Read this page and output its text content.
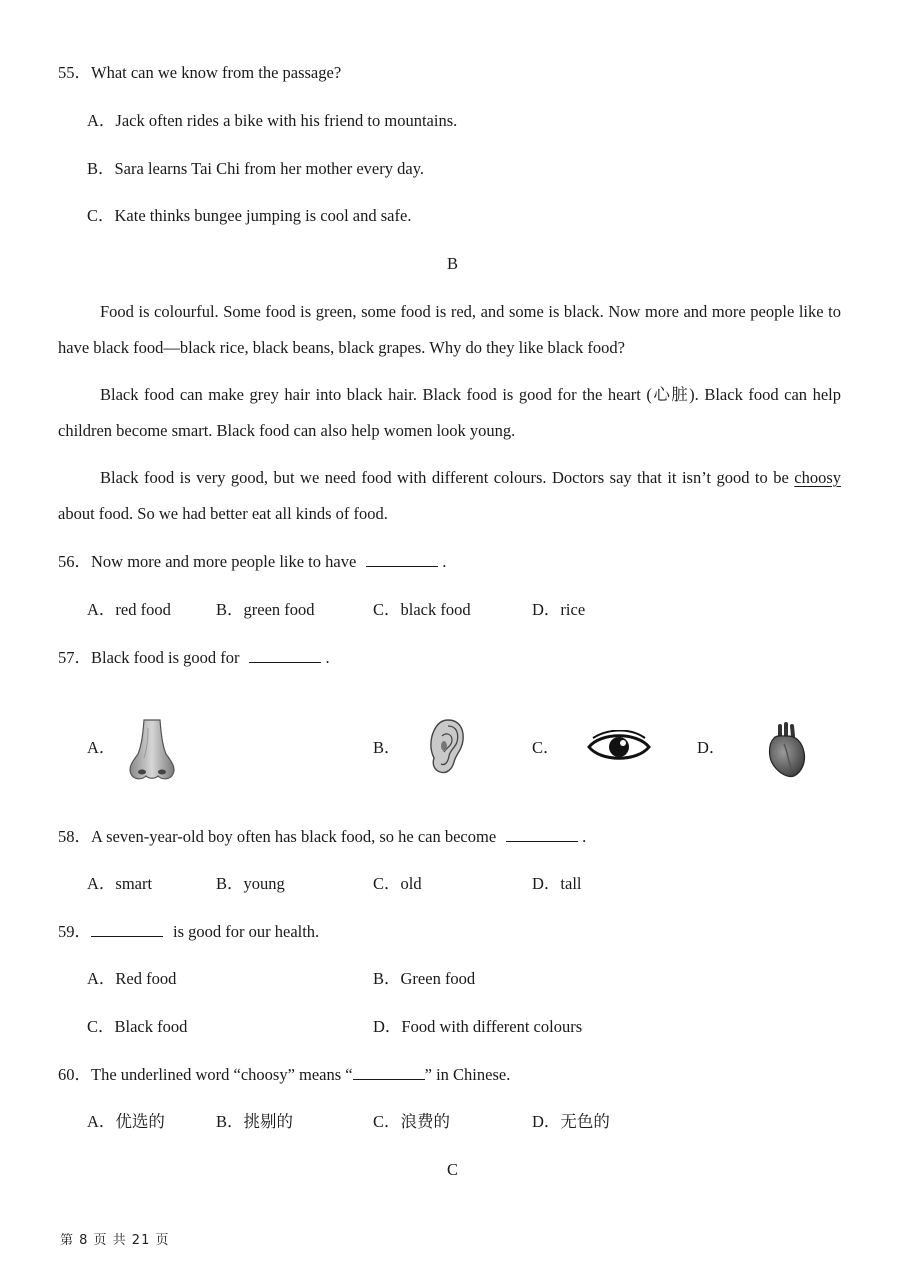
55．What can we know from the passage?
A．Jack often rides a bike with his friend to mountains.
B．Sara learns Tai Chi from her mother every day.
C．Kate thinks bungee jumping is cool and safe.
B
Food is colourful. Some food is green, some food is red, and some is black. Now more and more people like to have black food—black rice, black beans, black grapes. Why do they like black food?
Black food can make grey hair into black hair. Black food is good for the heart (心脏). Black food can help children become smart. Black food can also help women look young.
Black food is very good, but we need food with different colours. Doctors say that it isn’t good to be choosy about food. So we had better eat all kinds of food.
56．Now more and more people like to have	.
A．red food	B．green food	C．black food	D．rice
57．Black food is good for	.
A．	B．	C．	D．
58．A seven-year-old boy often has black food, so he can become	.
A．smart	B．young	C．old	D．tall
59．	is good for our health.
A．Red food	B．Green food
C．Black food	D．Food with different colours
60．The underlined word “choosy” means “	” in Chinese.
A．优选的	B．挑剔的	C．浪费的	D．无色的
C
第 8 页 共 21 页
